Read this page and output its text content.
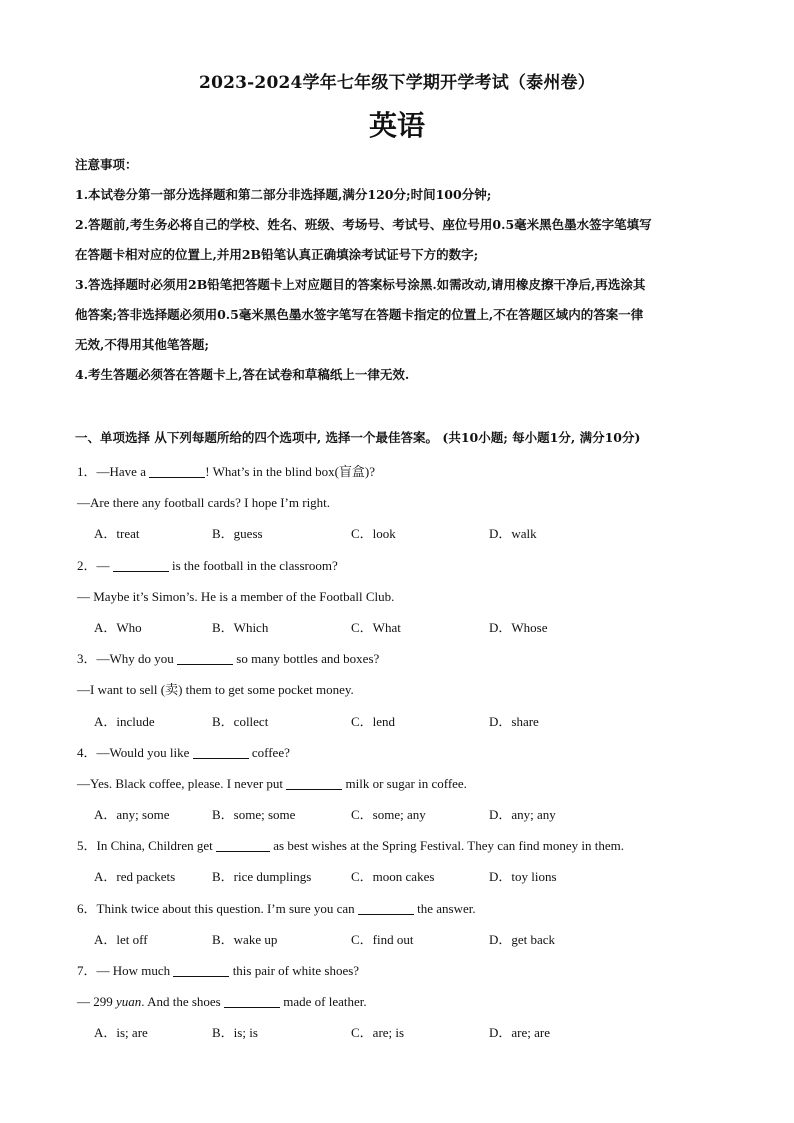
2023-2024学年七年级下学期开学考试（泰州卷）
英语

注意事项：

1.本试卷分第一部分选择题和第二部分非选择题,满分120分;时间100分钟;

2.答题前,考生务必将自己的学校、姓名、班级、考场号、考试号、座位号用0.5毫米黑色墨水签字笔填写

在答题卡相对应的位置上,并用2B铅笔认真正确填涂考试证号下方的数字;

3.答选择题时必须用2B铅笔把答题卡上对应题目的答案标号涂黑.如需改动,请用橡皮擦干净后,再选涂其

他答案;答非选择题必须用0.5毫米黑色墨水签字笔写在答题卡指定的位置上,不在答题区域内的答案一律

无效,不得用其他笔答题;

4.考生答题必须答在答题卡上,答在试卷和草稿纸上一律无效.

一、单项选择 从下列每题所给的四个选项中, 选择一个最佳答案。 (共10小题; 每小题1分, 满分10分)
1．—Have a	! What’s in the blind box(盲盒)?
—Are there any football cards? I hope I’m right.
A．treat	B．guess	C．look	D．walk
2．—	is the football in the classroom?
— Maybe it’s Simon’s. He is a member of the Football Club.
A．Who	B．Which	C．What	D．Whose
3．—Why do you	so many bottles and boxes?
—I want to sell (卖) them to get some pocket money.
A．include	B．collect	C．lend	D．share
4．—Would you like	coffee?
—Yes. Black coffee, please. I never put	milk or sugar in coffee.
A．any; some	B．some; some	C．some; any	D．any; any
5．In China, Children get	as best wishes at the Spring Festival. They can find money in them.
A．red packets	B．rice dumplings	C．moon cakes	D．toy lions
6．Think twice about this question. I’m sure you can	the answer.
A．let off	B．wake up	C．find out	D．get back
7．— How much	this pair of white shoes?
— 299 yuan. And the shoes	made of leather.
A．is; are	B．is; is	C．are; is	D．are; are
